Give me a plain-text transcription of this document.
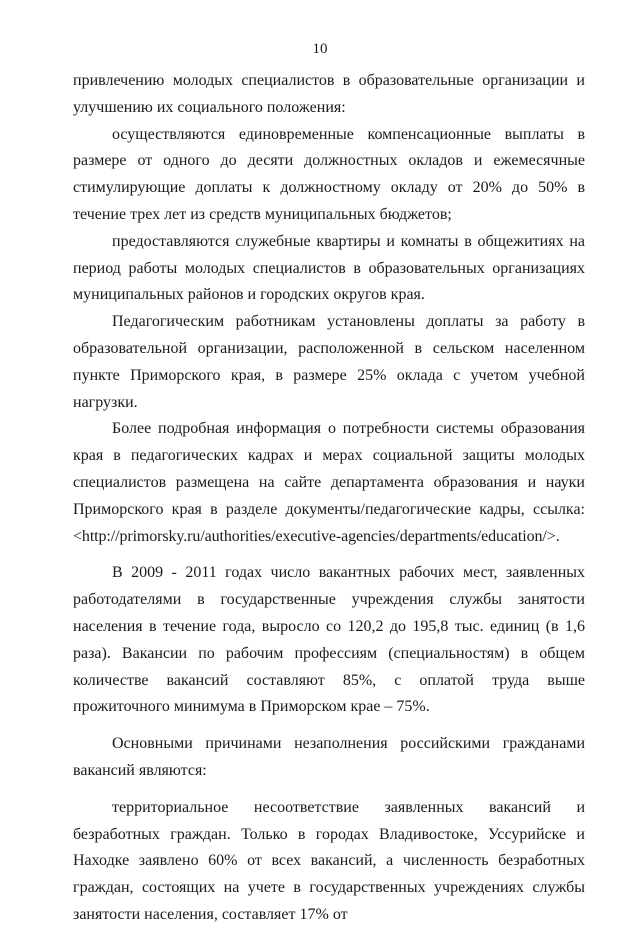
10

привлечению молодых специалистов в образовательные организации и улучшению их социального положения:

осуществляются единовременные компенсационные выплаты в размере от одного до десяти должностных окладов и ежемесячные стимулирующие доплаты к должностному окладу от 20% до 50% в течение трех лет из средств муниципальных бюджетов;

предоставляются служебные квартиры и комнаты в общежитиях на период работы молодых специалистов в образовательных организациях муниципальных районов и городских округов края.

Педагогическим работникам установлены доплаты за работу в образовательной организации, расположенной в сельском населенном пункте Приморского края, в размере 25% оклада с учетом учебной нагрузки.

Более подробная информация о потребности системы образования края в педагогических кадрах и мерах социальной защиты молодых специалистов размещена на сайте департамента образования и науки Приморского края в разделе документы/педагогические кадры, ссылка:

<http://primorsky.ru/authorities/executive-agencies/departments/education/>.

В 2009 - 2011 годах число вакантных рабочих мест, заявленных работодателями в государственные учреждения службы занятости населения в течение года, выросло со 120,2 до 195,8 тыс. единиц (в 1,6 раза). Вакансии по рабочим профессиям (специальностям) в общем количестве вакансий составляют 85%, с оплатой труда выше прожиточного минимума в Приморском крае – 75%.

Основными причинами незаполнения российскими гражданами вакансий являются:

территориальное несоответствие заявленных вакансий и безработных граждан. Только в городах Владивостоке, Уссурийске и Находке заявлено 60% от всех вакансий, а численность безработных граждан, состоящих на учете в государственных учреждениях службы занятости населения, составляет 17% от
